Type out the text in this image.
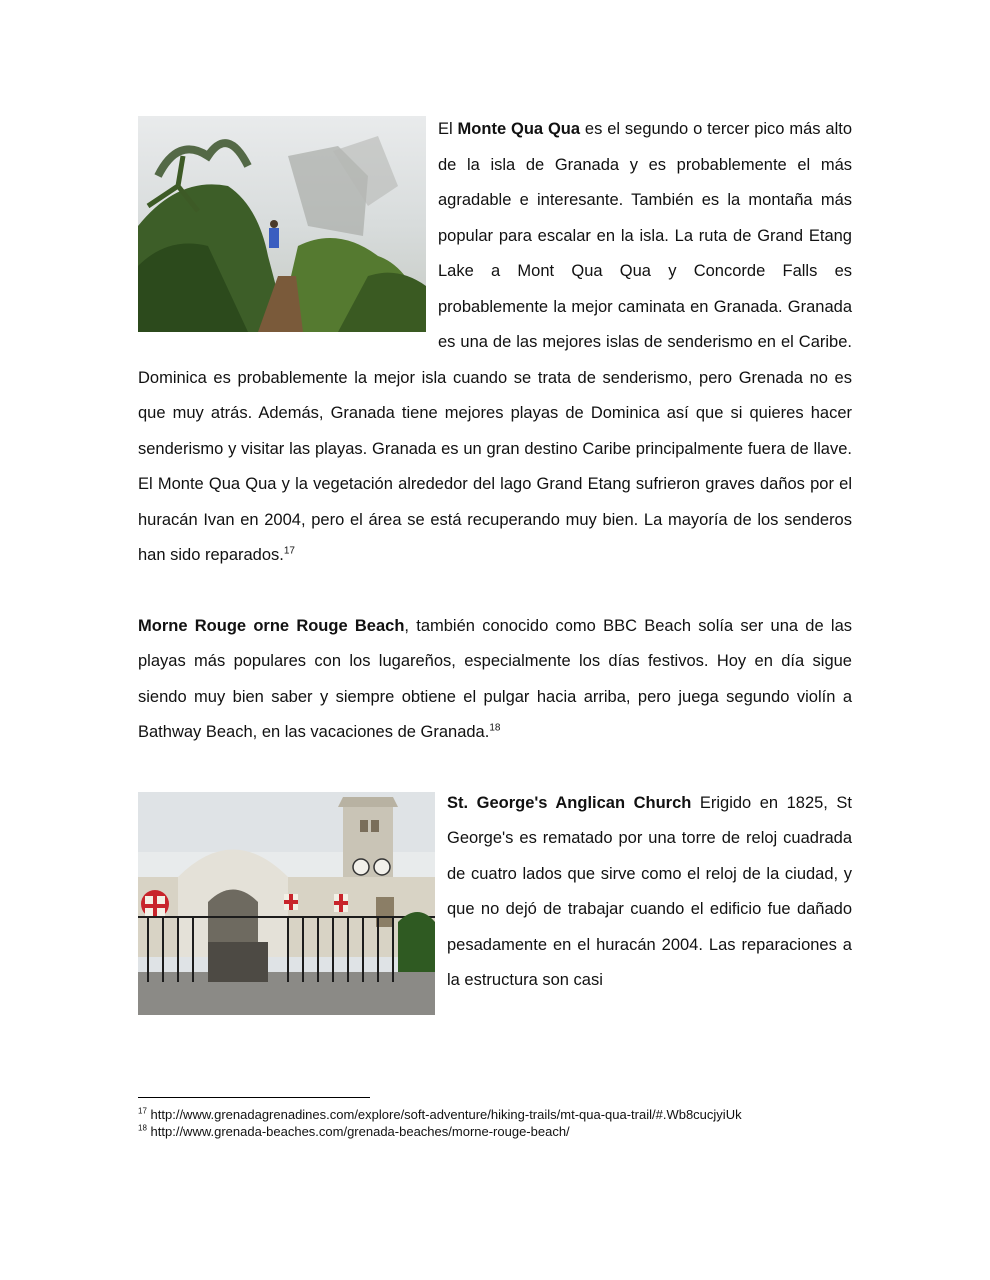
El Monte Qua Qua es el segundo o tercer pico más alto de la isla de Granada y es probablemente el más agradable e interesante. También es la montaña más popular para escalar en la isla. La ruta de Grand Etang Lake a Mont Qua Qua y Concorde Falls es probablemente la mejor caminata en Granada. Granada es una de las mejores islas de senderismo en el Caribe. Dominica es probablemente la mejor isla cuando se trata de senderismo, pero Grenada no es que muy atrás. Además, Granada tiene mejores playas de Dominica así que si quieres hacer senderismo y visitar las playas. Granada es un gran destino Caribe principalmente fuera de llave. El Monte Qua Qua y la vegetación alrededor del lago Grand Etang sufrieron graves daños por el huracán Ivan en 2004, pero el área se está recuperando muy bien. La mayoría de los senderos han sido reparados.$^{17}$

Morne Rouge orne Rouge Beach, también conocido como BBC Beach solía ser una de las playas más populares con los lugareños, especialmente los días festivos. Hoy en día sigue siendo muy bien saber y siempre obtiene el pulgar hacia arriba, pero juega segundo violín a Bathway Beach, en las vacaciones de Granada.$^{18}$

St. George's Anglican Church Erigido en 1825, St George's es rematado por una torre de reloj cuadrada de cuatro lados que sirve como el reloj de la ciudad, y que no dejó de trabajar cuando el edificio fue dañado pesadamente en el huracán 2004. Las reparaciones a la estructura son casi

$^{17}$ http://www.grenadagrenadines.com/explore/soft-adventure/hiking-trails/mt-qua-qua-trail/#.Wb8cucjyiUk

$^{18}$ http://www.grenada-beaches.com/grenada-beaches/morne-rouge-beach/
